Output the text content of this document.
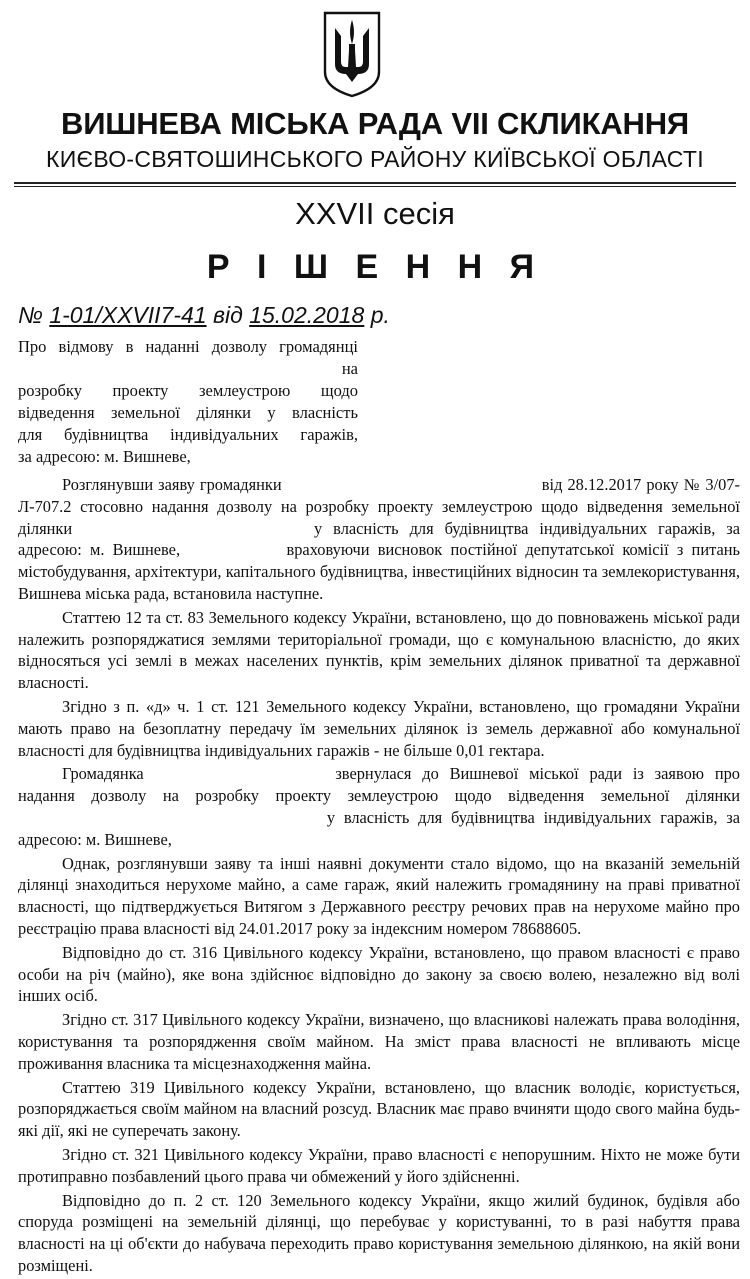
ВИШНЕВА МІСЬКА РАДА VII СКЛИКАННЯ
КИЄВО-СВЯТОШИНСЬКОГО РАЙОНУ КИЇВСЬКОЇ ОБЛАСТІ
XXVII сесія
Р І Ш Е Н Н Я
№ 1-01/XXVII7-41 від 15.02.2018 р.
Про відмову в наданні дозволу громадянці
на
розробку проекту землеустрою щодо
відведення земельної ділянки у власність
для будівництва індивідуальних гаражів,
за адресою: м. Вишневе,

Розглянувши заяву громадянки	від 28.12.2017 року № 3/07-Л-707.2 стосовно надання дозволу на розробку проекту землеустрою щодо відведення земельної ділянки	у власність для будівництва індивідуальних гаражів, за адресою: м. Вишневе,	враховуючи висновок постійної депутатської комісії з питань містобудування, архітектури, капітального будівництва, інвестиційних відносин та землекористування, Вишнева міська рада, встановила наступне.

Статтею 12 та ст. 83 Земельного кодексу України, встановлено, що до повноважень міської ради належить розпоряджатися землями територіальної громади, що є комунальною власністю, до яких відносяться усі землі в межах населених пунктів, крім земельних ділянок приватної та державної власності.

Згідно з п. «д» ч. 1 ст. 121 Земельного кодексу України, встановлено, що громадяни України мають право на безоплатну передачу їм земельних ділянок із земель державної або комунальної власності для будівництва індивідуальних гаражів - не більше 0,01 гектара.

Громадянка	звернулася до Вишневої міської ради із заявою про надання дозволу на розробку проекту землеустрою щодо відведення земельної ділянки   у власність для будівництва індивідуальних гаражів, за адресою: м. Вишневе,

Однак, розглянувши заяву та інші наявні документи стало відомо, що на вказаній земельній ділянці знаходиться нерухоме майно, а саме гараж, який належить громадянину на праві приватної власності, що підтверджується Витягом з Державного реєстру речових прав на нерухоме майно про реєстрацію права власності від 24.01.2017 року за індексним номером 78688605.

Відповідно до ст. 316 Цивільного кодексу України, встановлено, що правом власності є право особи на річ (майно), яке вона здійснює відповідно до закону за своєю волею, незалежно від волі інших осіб.

Згідно ст. 317 Цивільного кодексу України, визначено, що власникові належать права володіння, користування та розпорядження своїм майном. На зміст права власності не впливають місце проживання власника та місцезнаходження майна.

Статтею 319 Цивільного кодексу України, встановлено, що власник володіє, користується, розпоряджається своїм майном на власний розсуд. Власник має право вчиняти щодо свого майна будь-які дії, які не суперечать закону.

Згідно ст. 321 Цивільного кодексу України, право власності є непорушним. Ніхто не може бути протиправно позбавлений цього права чи обмежений у його здійсненні.

Відповідно до п. 2 ст. 120 Земельного кодексу України, якщо жилий будинок, будівля або споруда розміщені на земельній ділянці, що перебуває у користуванні, то в разі набуття права власності на ці об'єкти до набувача переходить право користування земельною ділянкою, на якій вони розміщені.
